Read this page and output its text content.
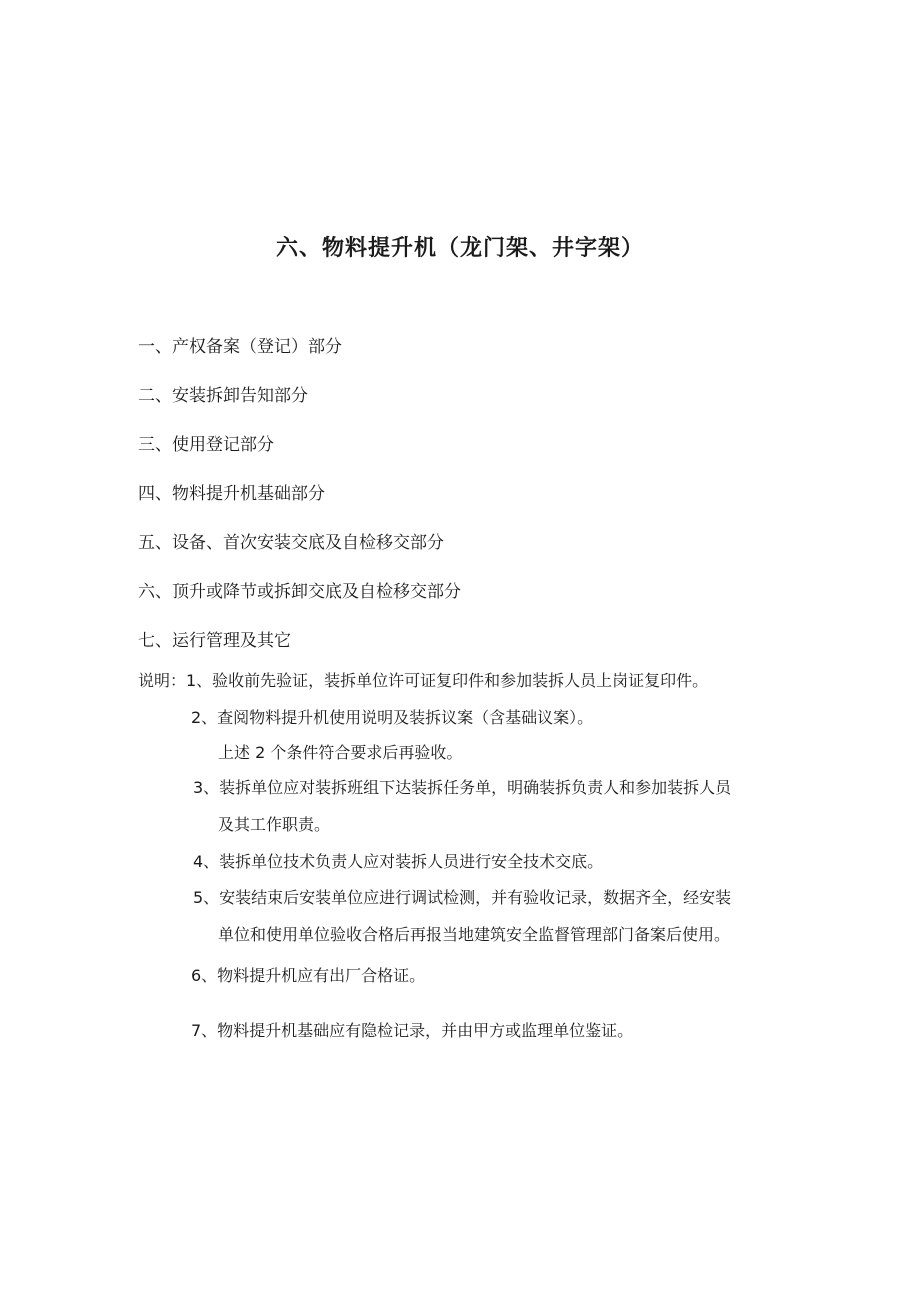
六、物料提升机（龙门架、井字架）
一、产权备案（登记）部分
二、安装拆卸告知部分
三、使用登记部分
四、物料提升机基础部分
五、设备、首次安装交底及自检移交部分
六、顶升或降节或拆卸交底及自检移交部分
七、运行管理及其它
说明：1、验收前先验证，装拆单位许可证复印件和参加装拆人员上岗证复印件。
2、查阅物料提升机使用说明及装拆议案（含基础议案）。
上述 2 个条件符合要求后再验收。
3、装拆单位应对装拆班组下达装拆任务单，明确装拆负责人和参加装拆人员
及其工作职责。
4、装拆单位技术负责人应对装拆人员进行安全技术交底。
5、安装结束后安装单位应进行调试检测，并有验收记录，数据齐全，经安装
单位和使用单位验收合格后再报当地建筑安全监督管理部门备案后使用。
6、物料提升机应有出厂合格证。
7、物料提升机基础应有隐检记录，并由甲方或监理单位鉴证。
